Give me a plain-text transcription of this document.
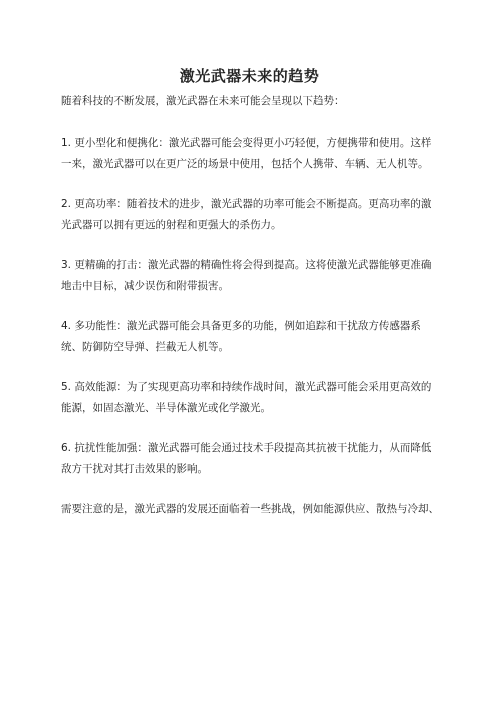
激光武器未来的趋势
随着科技的不断发展，激光武器在未来可能会呈现以下趋势：
1. 更小型化和便携化：激光武器可能会变得更小巧轻便，方便携带和使用。这样一来，激光武器可以在更广泛的场景中使用，包括个人携带、车辆、无人机等。
2. 更高功率：随着技术的进步，激光武器的功率可能会不断提高。更高功率的激光武器可以拥有更远的射程和更强大的杀伤力。
3. 更精确的打击：激光武器的精确性将会得到提高。这将使激光武器能够更准确地击中目标，减少误伤和附带损害。
4. 多功能性：激光武器可能会具备更多的功能，例如追踪和干扰敌方传感器系统、防御防空导弹、拦截无人机等。
5. 高效能源：为了实现更高功率和持续作战时间，激光武器可能会采用更高效的能源，如固态激光、半导体激光或化学激光。
6. 抗扰性能加强：激光武器可能会通过技术手段提高其抗被干扰能力，从而降低敌方干扰对其打击效果的影响。
需要注意的是，激光武器的发展还面临着一些挑战，例如能源供应、散热与冷却、
